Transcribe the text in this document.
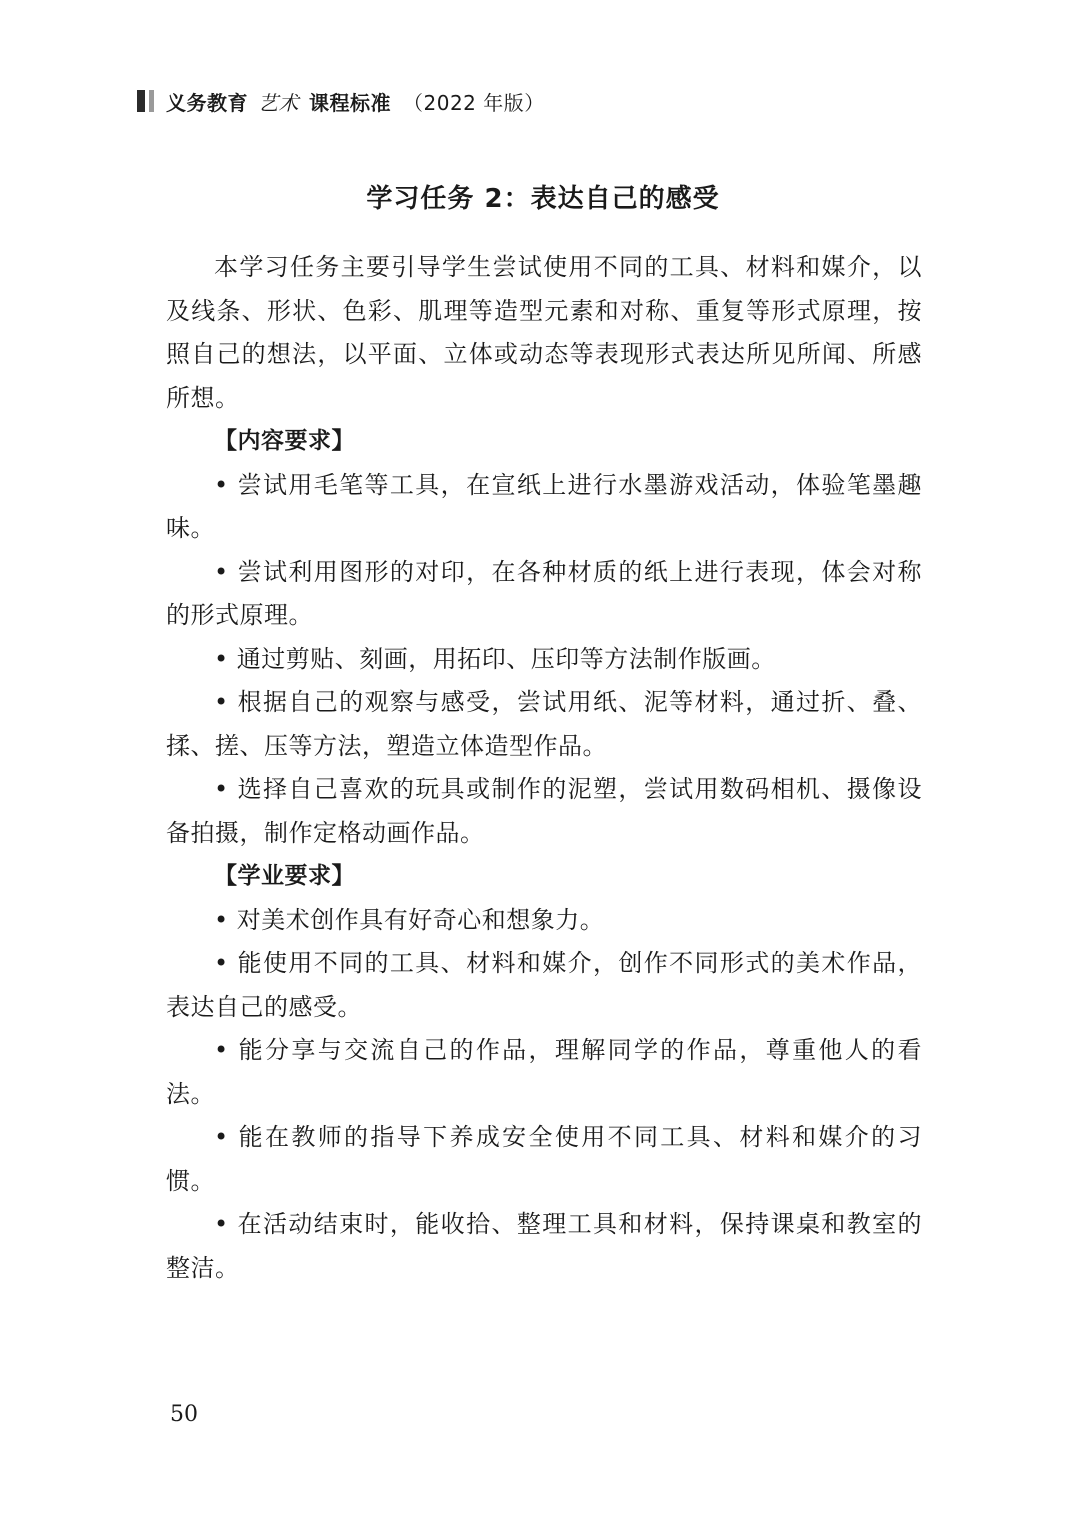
义务教育 艺术 课程标准 （2022 年版）
学习任务 2：表达自己的感受

本学习任务主要引导学生尝试使用不同的工具、材料和媒介，以及线条、形状、色彩、肌理等造型元素和对称、重复等形式原理，按照自己的想法，以平面、立体或动态等表现形式表达所见所闻、所感所想。

【内容要求】

• 尝试用毛笔等工具，在宣纸上进行水墨游戏活动，体验笔墨趣味。

• 尝试利用图形的对印，在各种材质的纸上进行表现，体会对称的形式原理。

• 通过剪贴、刻画，用拓印、压印等方法制作版画。

• 根据自己的观察与感受，尝试用纸、泥等材料，通过折、叠、揉、搓、压等方法，塑造立体造型作品。

• 选择自己喜欢的玩具或制作的泥塑，尝试用数码相机、摄像设备拍摄，制作定格动画作品。

【学业要求】

• 对美术创作具有好奇心和想象力。

• 能使用不同的工具、材料和媒介，创作不同形式的美术作品，表达自己的感受。

• 能分享与交流自己的作品，理解同学的作品，尊重他人的看法。

• 能在教师的指导下养成安全使用不同工具、材料和媒介的习惯。

• 在活动结束时，能收拾、整理工具和材料，保持课桌和教室的整洁。

50
